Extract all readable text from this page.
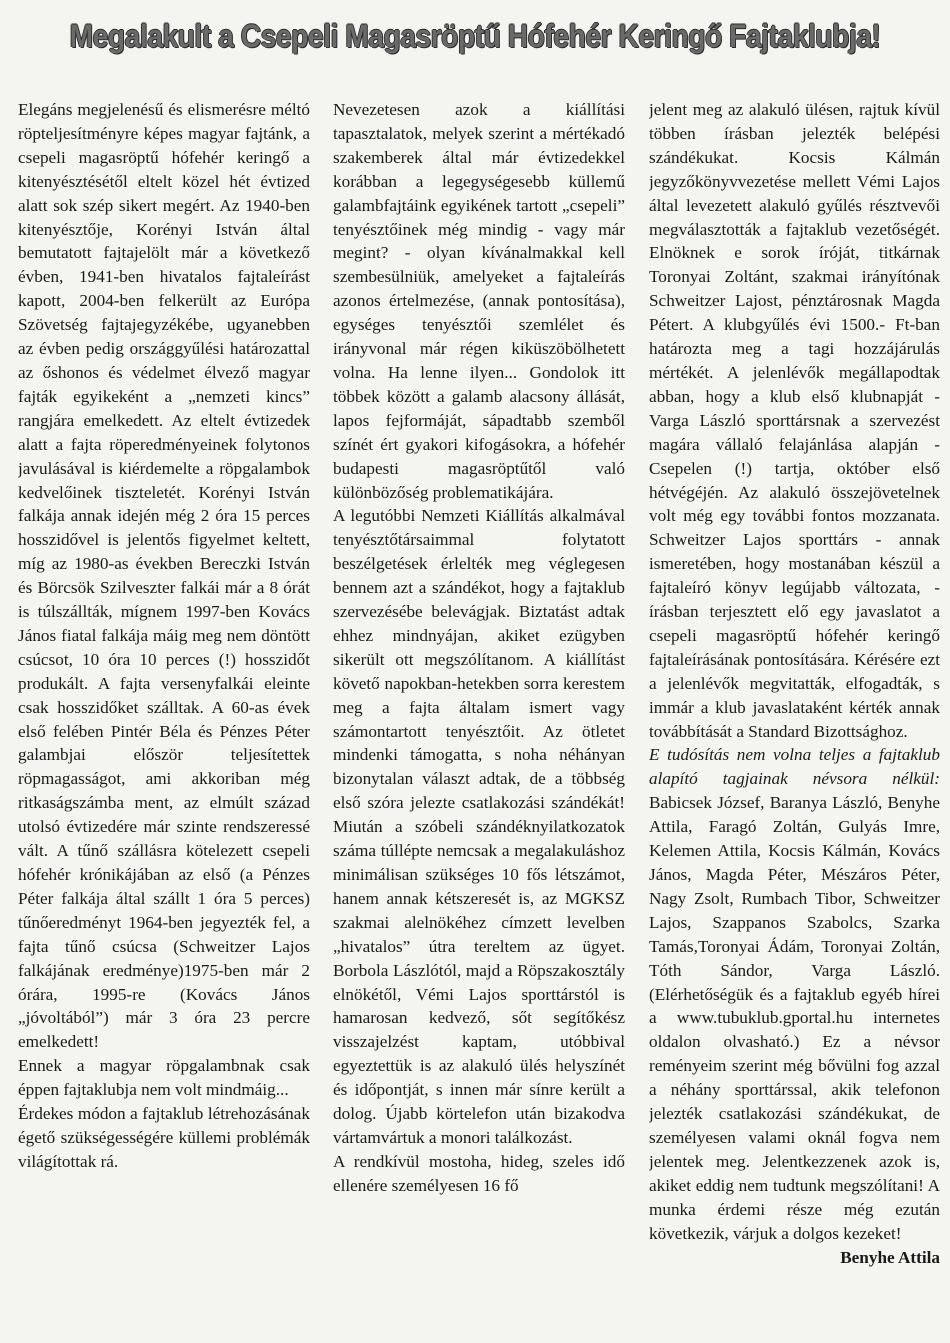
Megalakult a Csepeli Magasröptű Hófehér Keringő Fajtaklubja!

Elegáns megjelenésű és elismerésre méltó röpteljesítményre képes magyar fajtánk, a csepeli magasröptű hófehér keringő a kitenyésztésétől eltelt közel hét évtized alatt sok szép sikert megért. Az 1940-ben kitenyésztője, Korényi István által bemutatott fajtajelölt már a következő évben, 1941-ben hivatalos fajtaleírást kapott, 2004-ben felkerült az Európa Szövetség fajtajegyzékébe, ugyanebben az évben pedig országgyűlési határozattal az őshonos és védelmet élvező magyar fajták egyikeként a „nemzeti kincs” rangjára emelkedett. Az eltelt évtizedek alatt a fajta röperedményeinek folytonos javulásával is kiérdemelte a röpgalambok kedvelőinek tiszteletét. Korényi István falkája annak idején még 2 óra 15 perces hosszidővel is jelentős figyelmet keltett, míg az 1980-as években Bereczki István és Börcsök Szilveszter falkái már a 8 órát is túlszállták, mígnem 1997-ben Kovács János fiatal falkája máig meg nem döntött csúcsot, 10 óra 10 perces (!) hosszidőt produkált. A fajta versenyfalkái eleinte csak hosszidőket szálltak. A 60-as évek első felében Pintér Béla és Pénzes Péter galambjai először teljesítettek röpmagasságot, ami akkoriban még ritkaságszámba ment, az elmúlt század utolsó évtizedére már szinte rendszeressé vált. A tűnő szállásra kötelezett csepeli hófehér krónikájában az első (a Pénzes Péter falkája által szállt 1 óra 5 perces) tűnőeredményt 1964-ben jegyezték fel, a fajta tűnő csúcsa (Schweitzer Lajos falkájának eredménye)1975-ben már 2 órára, 1995-re (Kovács János „jóvoltából”) már 3 óra 23 percre emelkedett!

Ennek a magyar röpgalambnak csak éppen fajtaklubja nem volt mindmáig...

Érdekes módon a fajtaklub létrehozásának égető szükségességére küllemi problémák világítottak rá.

Nevezetesen azok a kiállítási tapasztalatok, melyek szerint a mértékadó szakemberek által már évtizedekkel korábban a legegységesebb küllemű galambfajtáink egyikének tartott „csepeli” tenyésztőinek még mindig - vagy már megint? - olyan kívánalmakkal kell szembesülniük, amelyeket a fajtaleírás azonos értelmezése, (annak pontosítása), egységes tenyésztői szemlélet és irányvonal már régen kiküszöbölhetett volna. Ha lenne ilyen... Gondolok itt többek között a galamb alacsony állását, lapos fejformáját, sápadtabb szemből színét ért gyakori kifogásokra, a hófehér budapesti magasröptűtől való különbözőség problematikájára.

A legutóbbi Nemzeti Kiállítás alkalmával tenyésztőtársaimmal folytatott beszélgetések érlelték meg véglegesen bennem azt a szándékot, hogy a fajtaklub szervezésébe belevágjak. Biztatást adtak ehhez mindnyájan, akiket ezügyben sikerült ott megszólítanom. A kiállítást követő napokban-hetekben sorra kerestem meg a fajta általam ismert vagy számontartott tenyésztőit. Az ötletet mindenki támogatta, s noha néhányan bizonytalan választ adtak, de a többség első szóra jelezte csatlakozási szándékát! Miután a szóbeli szándéknyilatkozatok száma túllépte nemcsak a megalakuláshoz minimálisan szükséges 10 fős létszámot, hanem annak kétszeresét is, az MGKSZ szakmai alelnökéhez címzett levelben „hivatalos” útra tereltem az ügyet. Borbola Lászlótól, majd a Röpszakosztály elnökétől, Vémi Lajos sporttárstól is hamarosan kedvező, sőt segítőkész visszajelzést kaptam, utóbbival egyeztettük is az alakuló ülés helyszínét és időpontját, s innen már sínre került a dolog. Újabb körtelefon után bizakodva vártamvártuk a monori találkozást.

A rendkívül mostoha, hideg, szeles idő ellenére személyesen 16 fő

jelent meg az alakuló ülésen, rajtuk kívül többen írásban jelezték belépési szándékukat. Kocsis Kálmán jegyzőkönyvvezetése mellett Vémi Lajos által levezetett alakuló gyűlés résztvevői megválasztották a fajtaklub vezetőségét. Elnöknek e sorok íróját, titkárnak Toronyai Zoltánt, szakmai irányítónak Schweitzer Lajost, pénztárosnak Magda Pétert. A klubgyűlés évi 1500.- Ft-ban határozta meg a tagi hozzájárulás mértékét. A jelenlévők megállapodtak abban, hogy a klub első klubnapját - Varga László sporttársnak a szervezést magára vállaló felajánlása alapján - Csepelen (!) tartja, október első hétvégéjén. Az alakuló összejövetelnek volt még egy további fontos mozzanata. Schweitzer Lajos sporttárs - annak ismeretében, hogy mostanában készül a fajtaleíró könyv legújabb változata, - írásban terjesztett elő egy javaslatot a csepeli magasröptű hófehér keringő fajtaleírásának pontosítására. Kérésére ezt a jelenlévők megvitatták, elfogadták, s immár a klub javaslataként kérték annak továbbítását a Standard Bizottsághoz.

E tudósítás nem volna teljes a fajtaklub alapító tagjainak névsora nélkül: Babicsek József, Baranya László, Benyhe Attila, Faragó Zoltán, Gulyás Imre, Kelemen Attila, Kocsis Kálmán, Kovács János, Magda Péter, Mészáros Péter, Nagy Zsolt, Rumbach Tibor, Schweitzer Lajos, Szappanos Szabolcs, Szarka Tamás,Toronyai Ádám, Toronyai Zoltán, Tóth Sándor, Varga László. (Elérhetőségük és a fajtaklub egyéb hírei a www.tubuklub.gportal.hu internetes oldalon olvasható.) Ez a névsor reményeim szerint még bővülni fog azzal a néhány sporttárssal, akik telefonon jelezték csatlakozási szándékukat, de személyesen valami oknál fogva nem jelentek meg. Jelentkezzenek azok is, akiket eddig nem tudtunk megszólítani! A munka érdemi része még ezután következik, várjuk a dolgos kezeket!

Benyhe Attila
